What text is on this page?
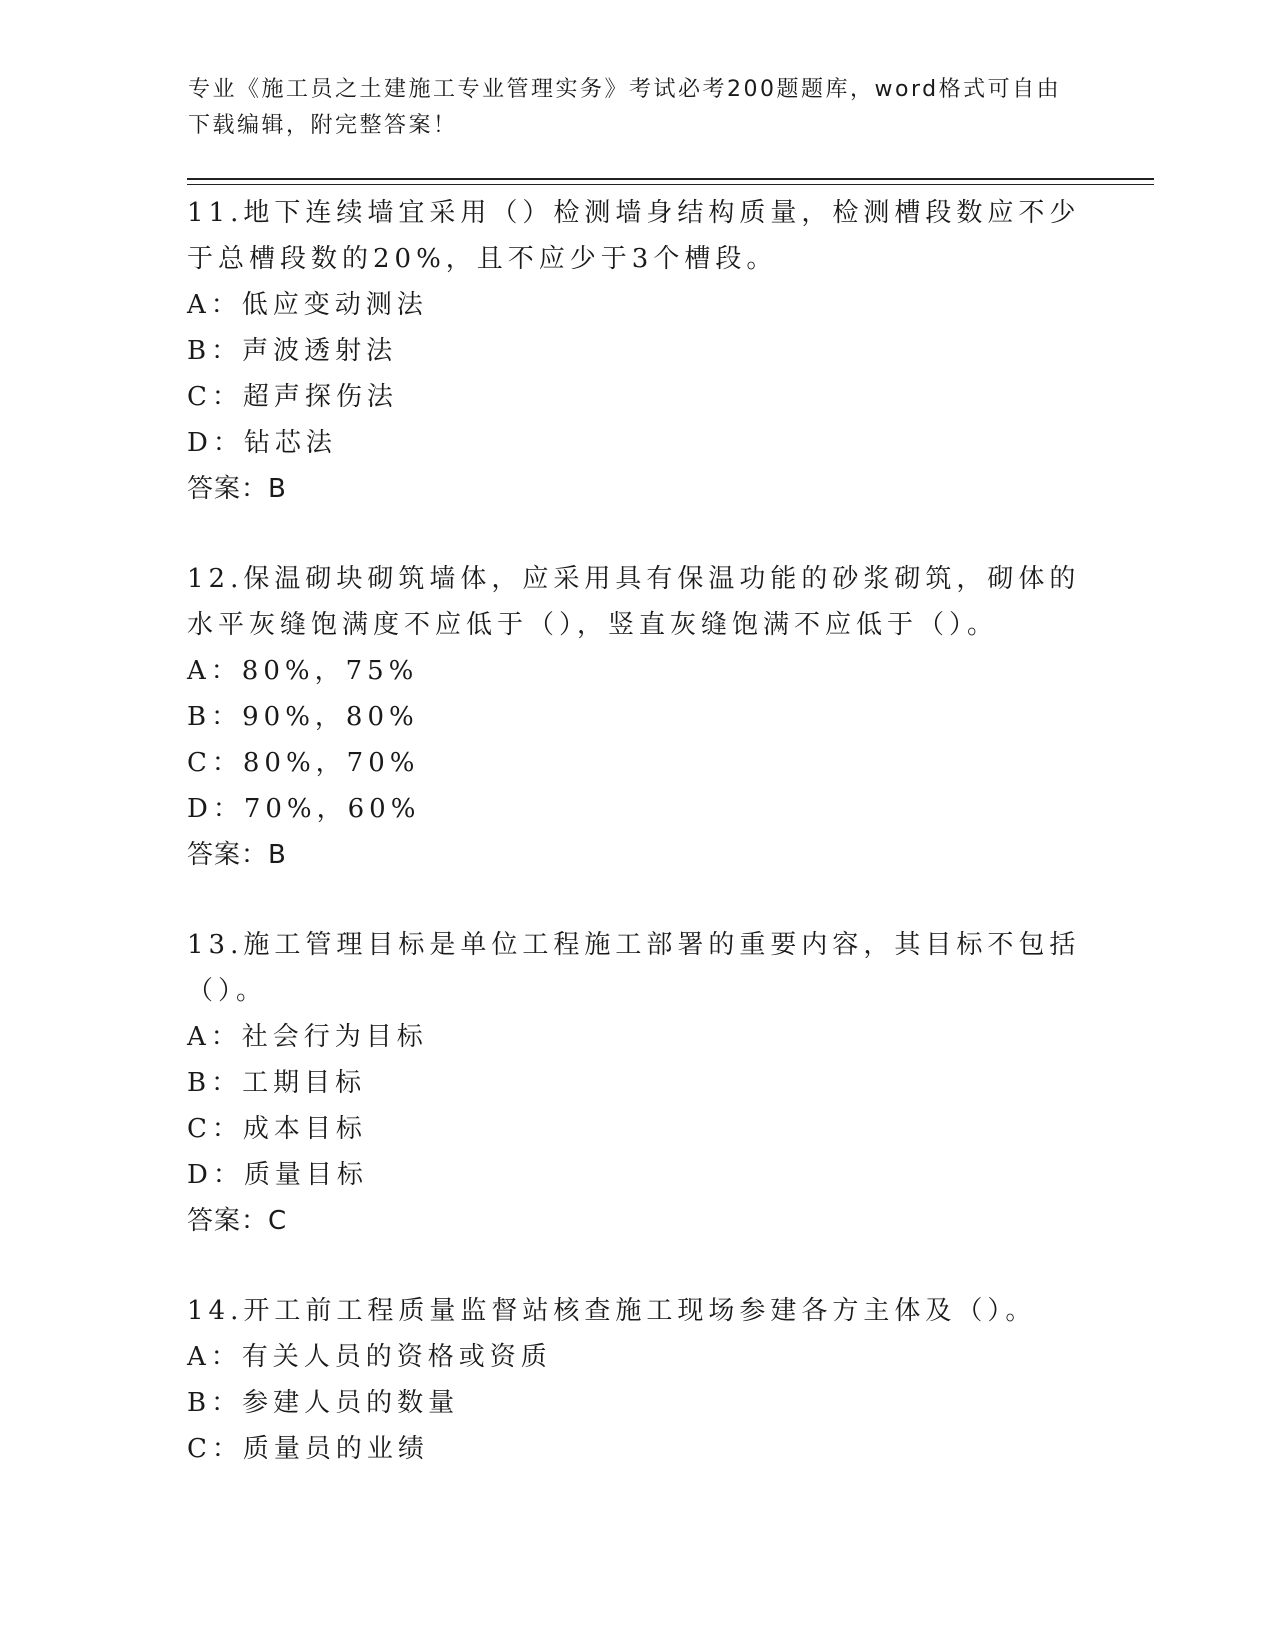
专业《施工员之土建施工专业管理实务》考试必考200题题库，word格式可自由下载编辑，附完整答案！
11.地下连续墙宜采用（）检测墙身结构质量，检测槽段数应不少于总槽段数的20%，且不应少于3个槽段。
A：低应变动测法
B：声波透射法
C：超声探伤法
D：钻芯法
答案：B
12.保温砌块砌筑墙体，应采用具有保温功能的砂浆砌筑，砌体的水平灰缝饱满度不应低于（），竖直灰缝饱满不应低于（）。
A：80%，75%
B：90%，80%
C：80%，70%
D：70%，60%
答案：B
13.施工管理目标是单位工程施工部署的重要内容，其目标不包括（）。
A：社会行为目标
B：工期目标
C：成本目标
D：质量目标
答案：C
14.开工前工程质量监督站核查施工现场参建各方主体及（）。
A：有关人员的资格或资质
B：参建人员的数量
C：质量员的业绩
